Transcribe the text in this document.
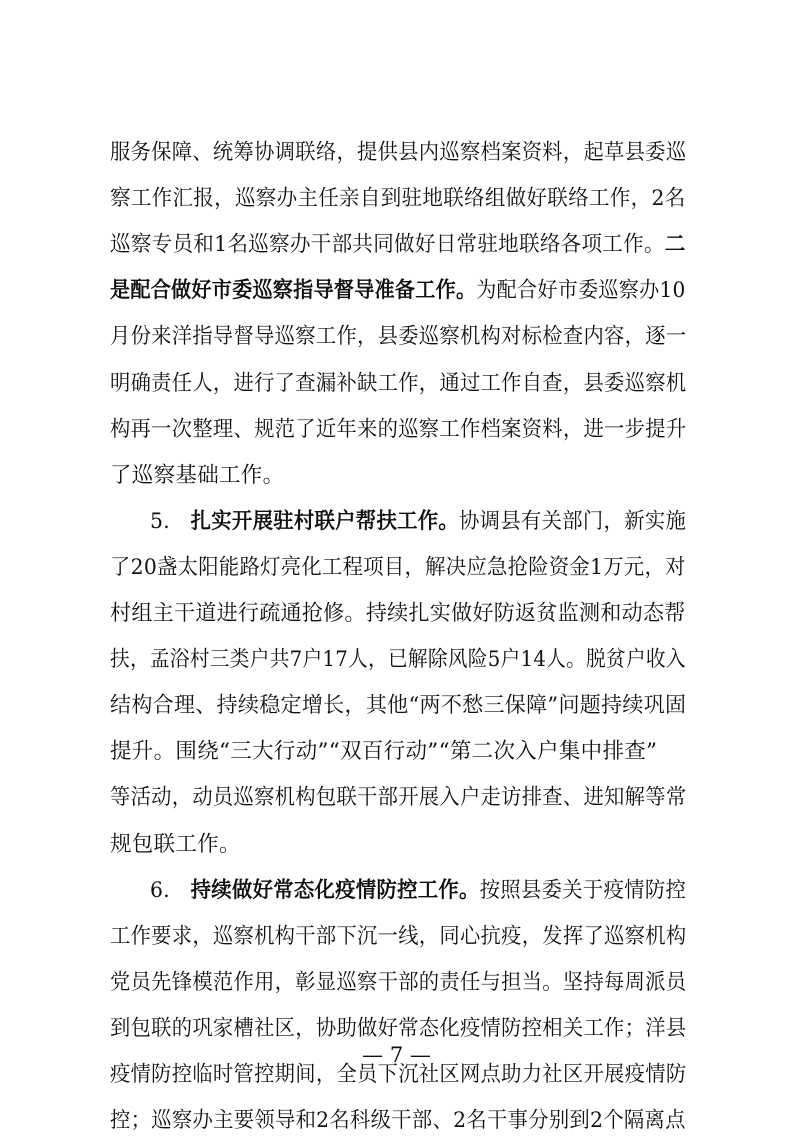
服务保障、统筹协调联络，提供县内巡察档案资料，起草县委巡
察工作汇报，巡察办主任亲自到驻地联络组做好联络工作，2名
巡察专员和1名巡察办干部共同做好日常驻地联络各项工作。二
是配合做好市委巡察指导督导准备工作。为配合好市委巡察办10
月份来洋指导督导巡察工作，县委巡察机构对标检查内容，逐一
明确责任人，进行了查漏补缺工作，通过工作自查，县委巡察机
构再一次整理、规范了近年来的巡察工作档案资料，进一步提升
了巡察基础工作。
5.　扎实开展驻村联户帮扶工作。协调县有关部门，新实施
了20盏太阳能路灯亮化工程项目，解决应急抢险资金1万元，对
村组主干道进行疏通抢修。持续扎实做好防返贫监测和动态帮
扶，孟浴村三类户共7户17人，已解除风险5户14人。脱贫户收入
结构合理、持续稳定增长，其他“两不愁三保障”问题持续巩固
提升。围绕“三大行动”“双百行动”“第二次入户集中排查”
等活动，动员巡察机构包联干部开展入户走访排查、进知解等常
规包联工作。
6.　持续做好常态化疫情防控工作。按照县委关于疫情防控
工作要求，巡察机构干部下沉一线，同心抗疫，发挥了巡察机构
党员先锋模范作用，彰显巡察干部的责任与担当。坚持每周派员
到包联的巩家槽社区，协助做好常态化疫情防控相关工作；洋县
疫情防控临时管控期间，全员下沉社区网点助力社区开展疫情防
控；巡察办主要领导和2名科级干部、2名干事分别到2个隔离点
— 7 —
